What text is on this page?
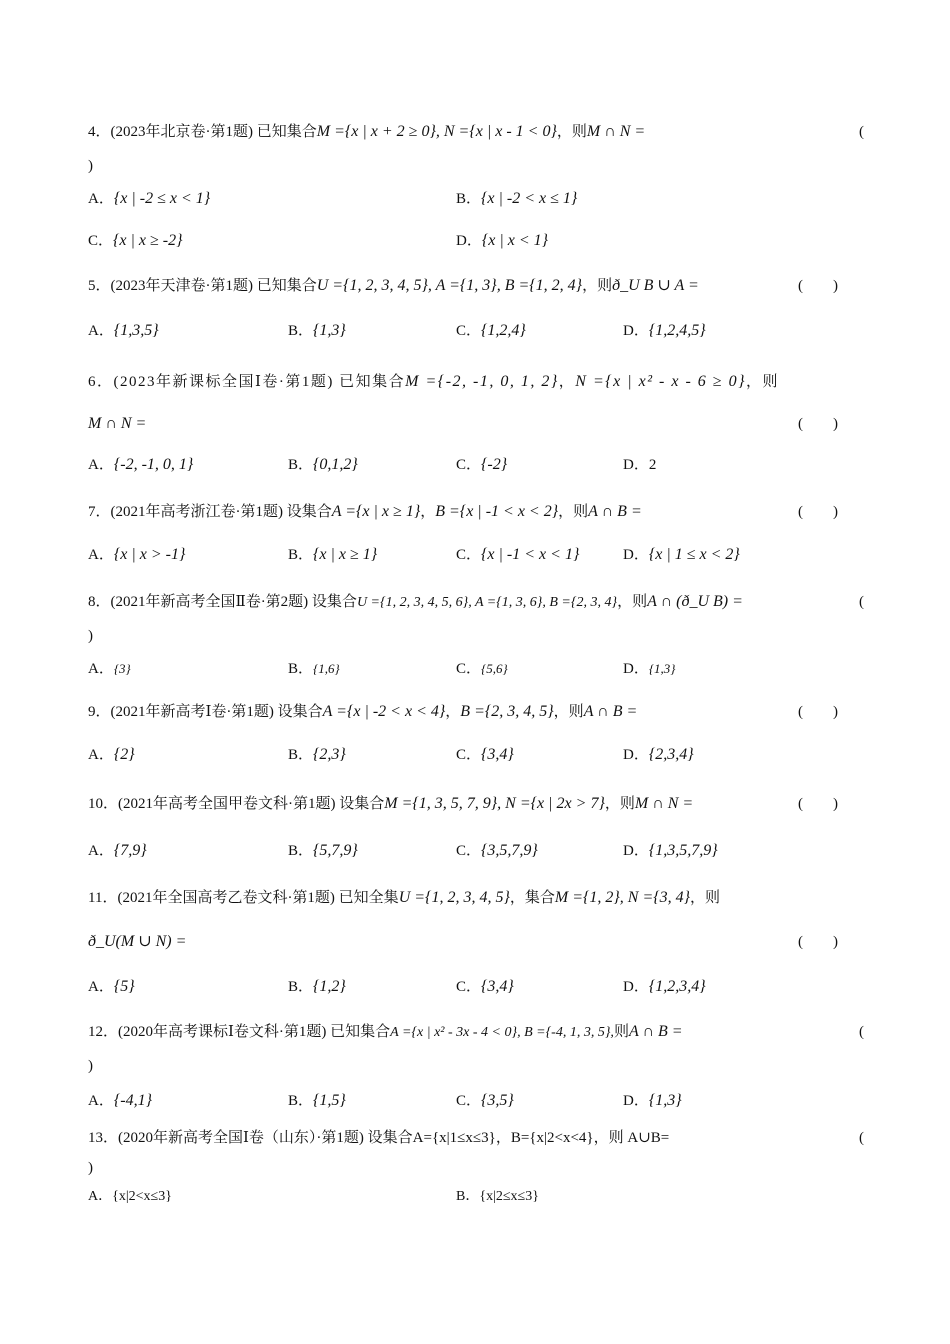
4．(2023年北京卷·第1题) 已知集合M ={x | x + 2 ≥ 0}, N ={x | x - 1 < 0}，则M ∩ N =	(
)
A．{x | -2 ≤ x < 1}	B．{x | -2 < x ≤ 1}
C．{x | x ≥ -2}	D．{x | x < 1}
5．(2023年天津卷·第1题) 已知集合U ={1, 2, 3, 4, 5}, A ={1, 3}, B ={1, 2, 4}，则ð_U B ∪ A =	(　　)
A．{1,3,5}	B．{1,3}	C．{1,2,4}	D．{1,2,4,5}
6．(2023年新课标全国Ⅰ卷·第1题) 已知集合M ={-2, -1, 0, 1, 2}，N ={x | x² - x - 6 ≥ 0}，则
M ∩ N =	(　　)
A．{-2, -1, 0, 1}	B．{0,1,2}	C．{-2}	D．2
7．(2021年高考浙江卷·第1题) 设集合A ={x | x ≥ 1}，B ={x | -1 < x < 2}，则A ∩ B =	(　　)
A．{x | x > -1}	B．{x | x ≥ 1}	C．{x | -1 < x < 1}	D．{x | 1 ≤ x < 2}
8．(2021年新高考全国Ⅱ卷·第2题) 设集合U ={1, 2, 3, 4, 5, 6}, A ={1, 3, 6}, B ={2, 3, 4}，则A ∩ (ð_U B) =	(
)
A．{3}	B．{1,6}	C．{5,6}	D．{1,3}
9．(2021年新高考Ⅰ卷·第1题) 设集合A ={x | -2 < x < 4}，B ={2, 3, 4, 5}，则A ∩ B =	(　　)
A．{2}	B．{2,3}	C．{3,4}	D．{2,3,4}
10．(2021年高考全国甲卷文科·第1题) 设集合M ={1, 3, 5, 7, 9}, N ={x | 2x > 7}，则M ∩ N =	(　　)
A．{7,9}	B．{5,7,9}	C．{3,5,7,9}	D．{1,3,5,7,9}
11．(2021年全国高考乙卷文科·第1题) 已知全集U ={1, 2, 3, 4, 5}，集合M ={1, 2}, N ={3, 4}，则
ð_U(M ∪ N) =	(　　)
A．{5}	B．{1,2}	C．{3,4}	D．{1,2,3,4}
12．(2020年高考课标Ⅰ卷文科·第1题) 已知集合A ={x | x² - 3x - 4 < 0}, B ={-4, 1, 3, 5},则A ∩ B =	(
)
A．{-4,1}	B．{1,5}	C．{3,5}	D．{1,3}
13．(2020年新高考全国Ⅰ卷（山东）·第1题) 设集合A={x|1≤x≤3}，B={x|2<x<4}，则 A∪B=	(
)
A．{x|2<x≤3}	B．{x|2≤x≤3}
